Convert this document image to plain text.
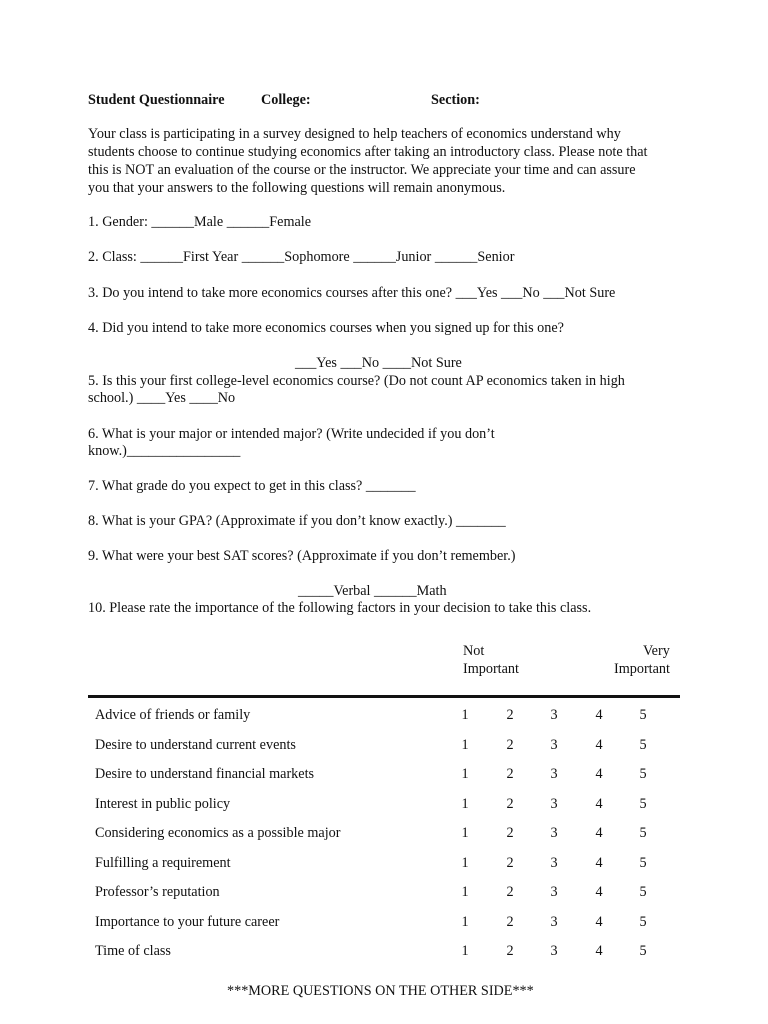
Student Questionnaire	College:	Section:
Your class is participating in a survey designed to help teachers of economics understand why
students choose to continue studying economics after taking an introductory class. Please note that
this is NOT an evaluation of the course or the instructor. We appreciate your time and can assure
you that your answers to the following questions will remain anonymous.
1. Gender: ______Male ______Female
2. Class: ______First Year ______Sophomore ______Junior ______Senior
3. Do you intend to take more economics courses after this one? ___Yes ___No ___Not Sure
4. Did you intend to take more economics courses when you signed up for this one?
___Yes ___No ____Not Sure
5. Is this your first college-level economics course? (Do not count AP economics taken in high
school.) ____Yes ____No
6. What is your major or intended major? (Write undecided if you don’t
know.)________________
7. What grade do you expect to get in this class? _______
8. What is your GPA? (Approximate if you don’t know exactly.) _______
9. What were your best SAT scores? (Approximate if you don’t remember.)
_____Verbal ______Math
10. Please rate the importance of the following factors in your decision to take this class.
Not
Important
Very
Important
Advice of friends or family	1	2	3	4	5
Desire to understand current events	1	2	3	4	5
Desire to understand financial markets	1	2	3	4	5
Interest in public policy	1	2	3	4	5
Considering economics as a possible major	1	2	3	4	5
Fulfilling a requirement	1	2	3	4	5
Professor’s reputation	1	2	3	4	5
Importance to your future career	1	2	3	4	5
Time of class	1	2	3	4	5
***MORE QUESTIONS ON THE OTHER SIDE***
